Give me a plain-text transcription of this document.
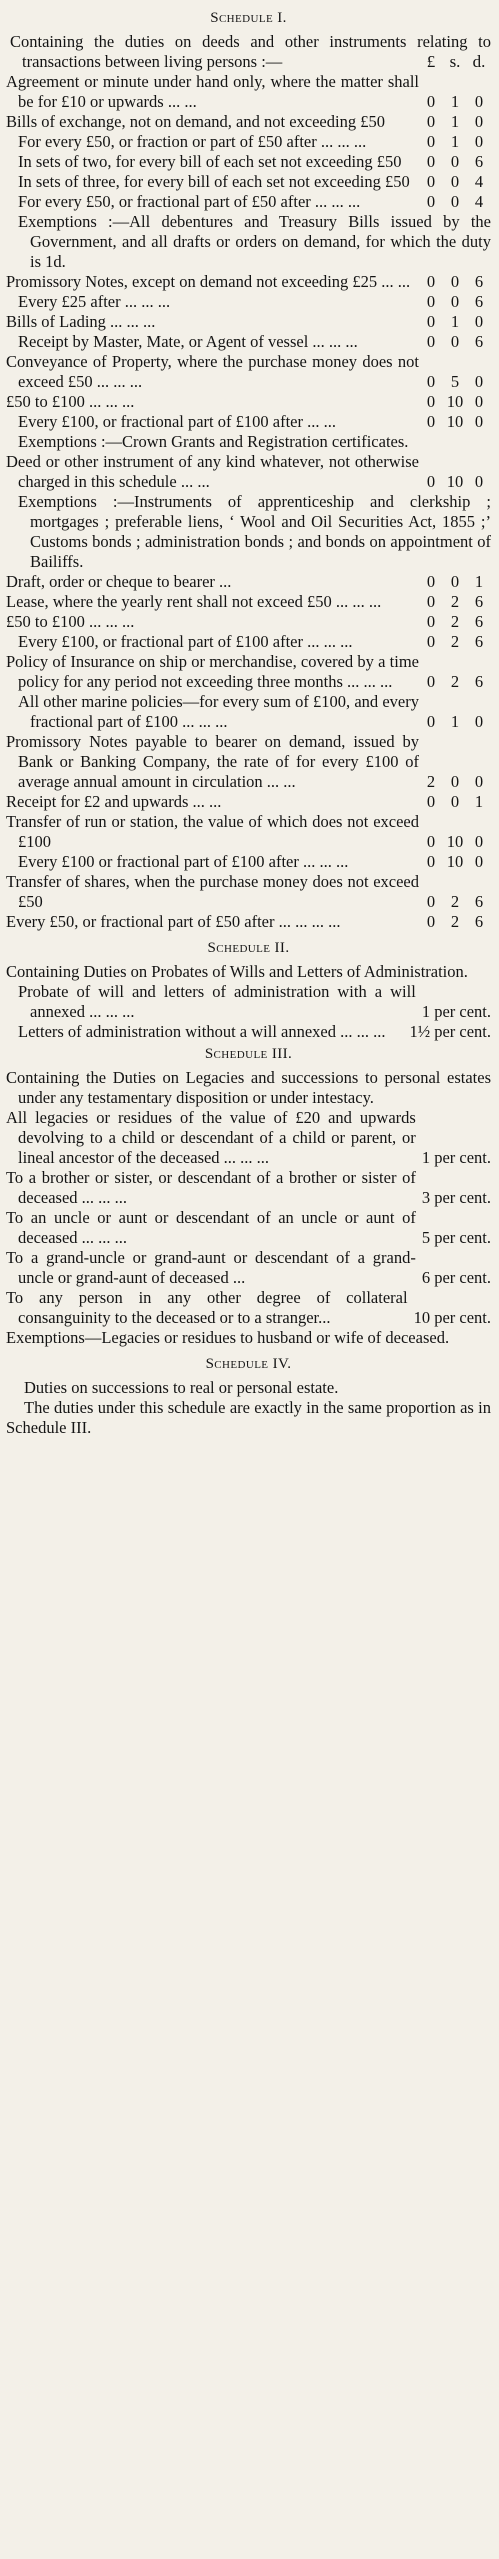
Schedule I.

Containing the duties on deeds and other instruments relating to transactions between living persons :—	£ s. d.
Agreement or minute under hand only, where the matter shall be for £10 or upwards ... ...	0 1 0
Bills of exchange, not on demand, and not exceeding £50	0 1 0
For every £50, or fraction or part of £50 after ... ... ...	0 1 0
In sets of two, for every bill of each set not exceeding £50	0 0 6
In sets of three, for every bill of each set not exceeding £50	0 0 4
For every £50, or fractional part of £50 after ... ... ...	0 0 4
Exemptions :—All debentures and Treasury Bills issued by the Government, and all drafts or orders on demand, for which the duty is 1d.
Promissory Notes, except on demand not exceeding £25 ... ...	0 0 6
Every £25 after ... ... ...	0 0 6
Bills of Lading ... ... ...	0 1 0
Receipt by Master, Mate, or Agent of vessel ... ... ...	0 0 6
Conveyance of Property, where the purchase money does not exceed £50 ... ... ...	0 5 0
£50 to £100 ... ... ...	0 10 0
Every £100, or fractional part of £100 after ... ...	0 10 0
Exemptions :—Crown Grants and Registration certificates.
Deed or other instrument of any kind whatever, not otherwise charged in this schedule ... ...	0 10 0
Exemptions :—Instruments of apprenticeship and clerkship ; mortgages ; preferable liens, ‘ Wool and Oil Securities Act, 1855 ;’ Customs bonds ; administration bonds ; and bonds on appointment of Bailiffs.
Draft, order or cheque to bearer ...	0 0 1
Lease, where the yearly rent shall not exceed £50 ... ... ...	0 2 6
£50 to £100 ... ... ...	0 2 6
Every £100, or fractional part of £100 after ... ... ...	0 2 6
Policy of Insurance on ship or merchandise, covered by a time policy for any period not exceeding three months ... ... ...	0 2 6
All other marine policies—for every sum of £100, and every fractional part of £100 ... ... ...	0 1 0
Promissory Notes payable to bearer on demand, issued by Bank or Banking Company, the rate of for every £100 of average annual amount in circulation ... ...	2 0 0
Receipt for £2 and upwards ... ...	0 0 1
Transfer of run or station, the value of which does not exceed £100	0 10 0
Every £100 or fractional part of £100 after ... ... ...	0 10 0
Transfer of shares, when the purchase money does not exceed £50	0 2 6
Every £50, or fractional part of £50 after ... ... ... ...	0 2 6
Schedule II.

Containing Duties on Probates of Wills and Letters of Administration.

Probate of will and letters of administration with a will annexed ... ... ...	1 per cent.
Letters of administration without a will annexed ... ... ...	1½ per cent.
Schedule III.

Containing the Duties on Legacies and successions to personal estates under any testamentary disposition or under intestacy.

All legacies or residues of the value of £20 and upwards devolving to a child or descendant of a child or parent, or lineal ancestor of the deceased ... ... ...	1 per cent.
To a brother or sister, or descendant of a brother or sister of deceased ... ... ...	3 per cent.
To an uncle or aunt or descendant of an uncle or aunt of deceased ... ... ...	5 per cent.
To a grand-uncle or grand-aunt or descendant of a grand-uncle or grand-aunt of deceased ...	6 per cent.
To any person in any other degree of collateral consanguinity to the deceased or to a stranger...	10 per cent.
Exemptions—Legacies or residues to husband or wife of deceased.
Schedule IV.

Duties on successions to real or personal estate.

The duties under this schedule are exactly in the same proportion as in Schedule III.
